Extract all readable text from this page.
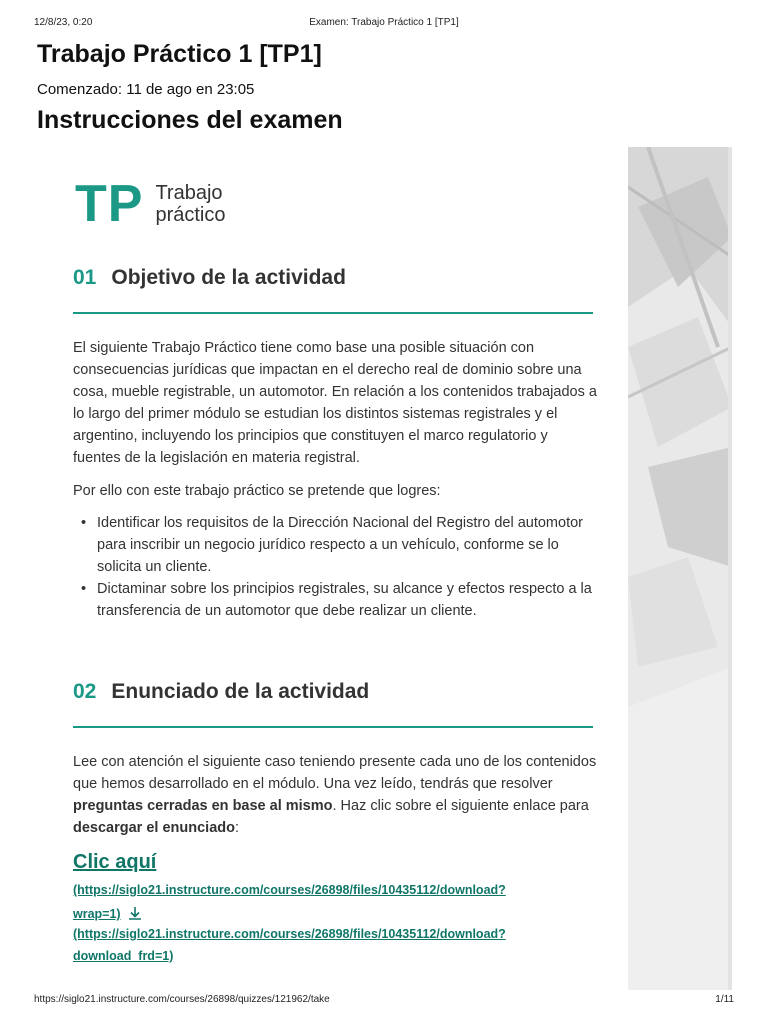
12/8/23, 0:20	Examen: Trabajo Práctico 1 [TP1]
Trabajo Práctico 1 [TP1]
Comenzado: 11 de ago en 23:05
Instrucciones del examen
TP Trabajo
práctico
01 Objetivo de la actividad

El siguiente Trabajo Práctico tiene como base una posible situación con consecuencias jurídicas que impactan en el derecho real de dominio sobre una cosa, mueble registrable, un automotor. En relación a los contenidos trabajados a lo largo del primer módulo se estudian los distintos sistemas registrales y el argentino, incluyendo los principios que constituyen el marco regulatorio y fuentes de la legislación en materia registral.

Por ello con este trabajo práctico se pretende que logres:

• Identificar los requisitos de la Dirección Nacional del Registro del automotor para inscribir un negocio jurídico respecto a un vehículo, conforme se lo solicita un cliente.
• Dictaminar sobre los principios registrales, su alcance y efectos respecto a la transferencia de un automotor que debe realizar un cliente.
02 Enunciado de la actividad

Lee con atención el siguiente caso teniendo presente cada uno de los contenidos que hemos desarrollado en el módulo. Una vez leído, tendrás que resolver preguntas cerradas en base al mismo. Haz clic sobre el siguiente enlace para descargar el enunciado:

Clic aquí
(https://siglo21.instructure.com/courses/26898/files/10435112/download?
wrap=1)
(https://siglo21.instructure.com/courses/26898/files/10435112/download?
download_frd=1)
https://siglo21.instructure.com/courses/26898/quizzes/121962/take	1/11
